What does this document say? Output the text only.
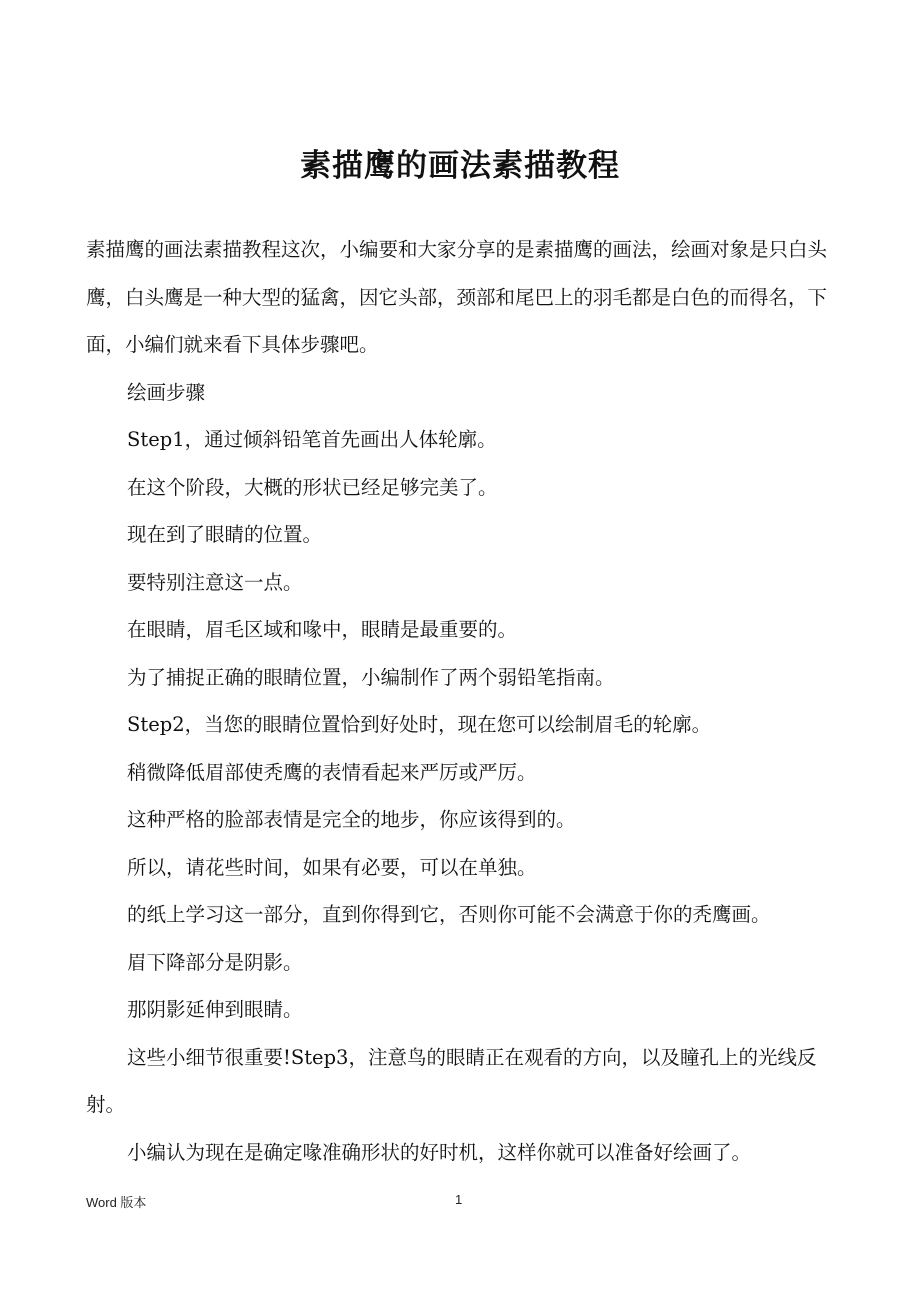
素描鹰的画法素描教程

素描鹰的画法素描教程这次，小编要和大家分享的是素描鹰的画法，绘画对象是只白头鹰，白头鹰是一种大型的猛禽，因它头部，颈部和尾巴上的羽毛都是白色的而得名，下面，小编们就来看下具体步骤吧。

绘画步骤

Step1，通过倾斜铅笔首先画出人体轮廓。

在这个阶段，大概的形状已经足够完美了。

现在到了眼睛的位置。

要特别注意这一点。

在眼睛，眉毛区域和喙中，眼睛是最重要的。

为了捕捉正确的眼睛位置，小编制作了两个弱铅笔指南。

Step2，当您的眼睛位置恰到好处时，现在您可以绘制眉毛的轮廓。

稍微降低眉部使秃鹰的表情看起来严厉或严厉。

这种严格的脸部表情是完全的地步，你应该得到的。

所以，请花些时间，如果有必要，可以在单独。

的纸上学习这一部分，直到你得到它，否则你可能不会满意于你的秃鹰画。

眉下降部分是阴影。

那阴影延伸到眼睛。

这些小细节很重要!Step3，注意鸟的眼睛正在观看的方向，以及瞳孔上的光线反射。

小编认为现在是确定喙准确形状的好时机，这样你就可以准备好绘画了。

Word 版本	1
